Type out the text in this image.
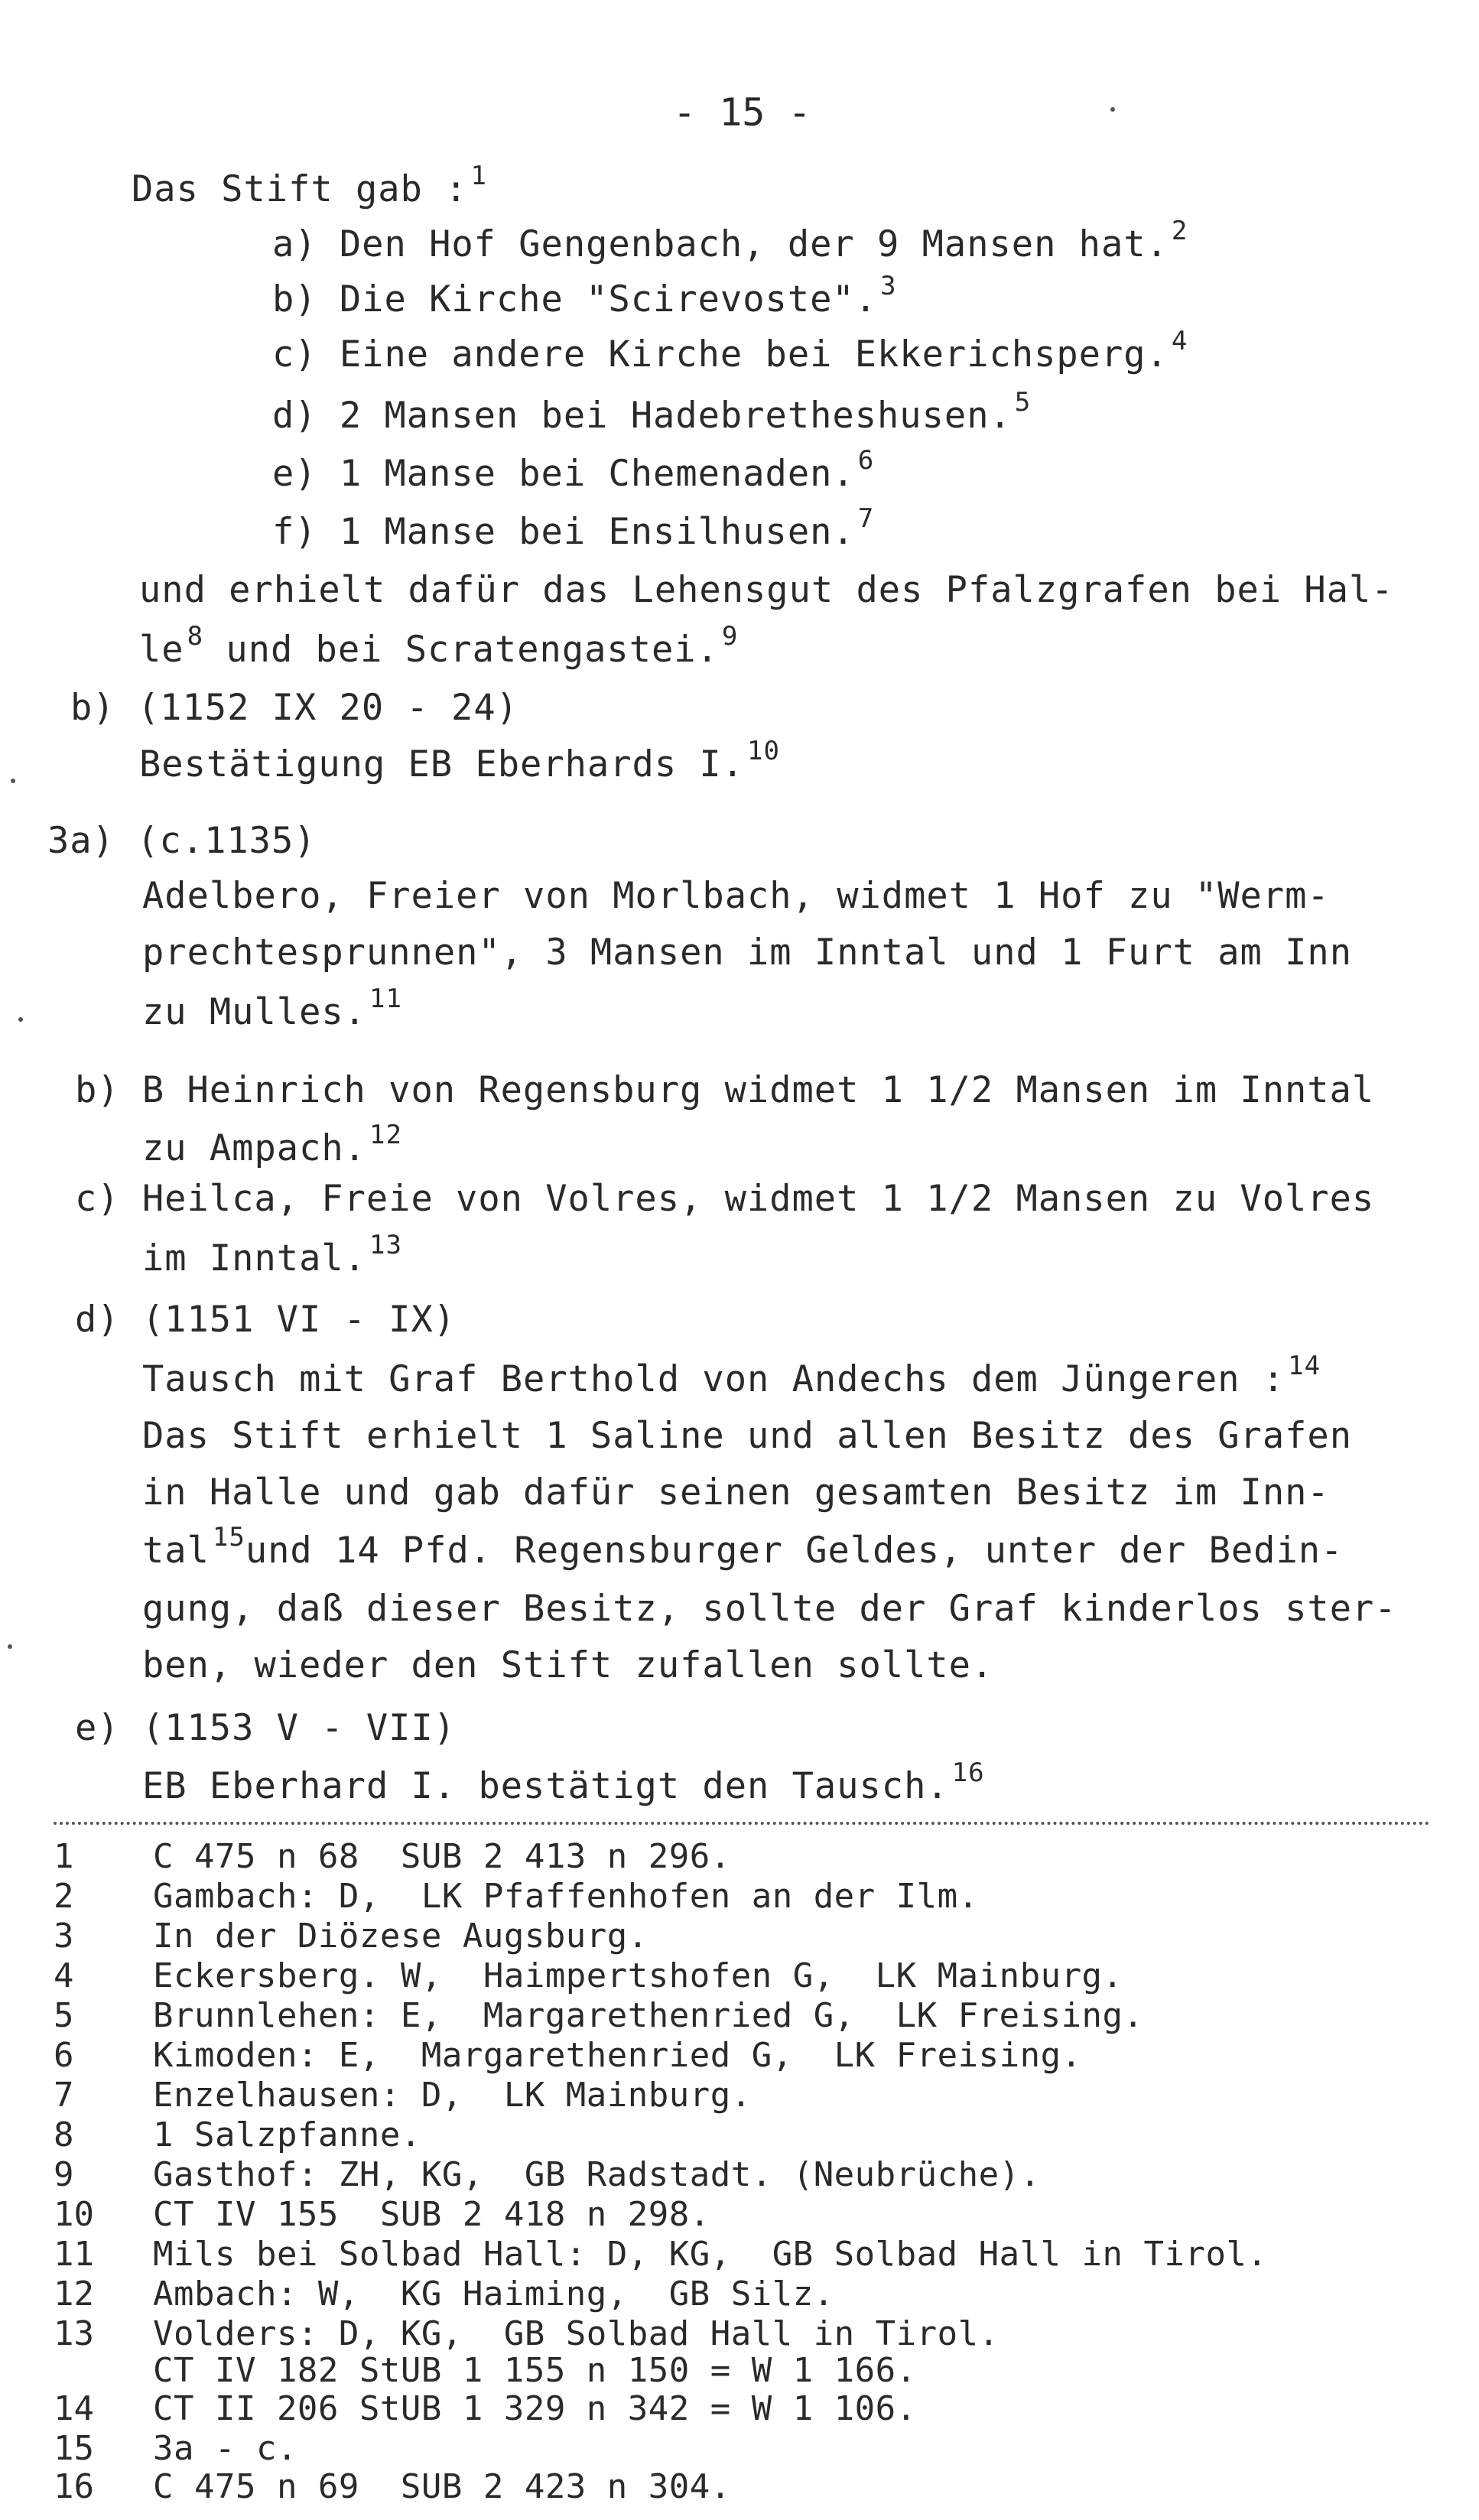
- 15 -
Das Stift gab : $^1$
a) Den Hof Gengenbach, der 9 Mansen hat. $^2$
b) Die Kirche "Scirevoste". $^3$
c) Eine andere Kirche bei Ekkerichsperg. $^4$
d) 2 Mansen bei Hadebretheshusen. $^5$
e) 1 Manse bei Chemenaden. $^6$
f) 1 Manse bei Ensilhusen. $^7$
und erhielt dafür das Lehensgut des Pfalzgrafen bei Hal-
le $^8$ und bei Scratengastei. $^9$
b) (1152 IX 20 - 24)
Bestätigung EB Eberhards I. $^{10}$
3a) (c.1135)
Adelbero, Freier von Morlbach, widmet 1 Hof zu "Werm-
prechtesprunnen", 3 Mansen im Inntal und 1 Furt am Inn
zu Mulles. $^{11}$
b) B Heinrich von Regensburg widmet 1 1/2 Mansen im Inntal
zu Ampach. $^{12}$
c) Heilca, Freie von Volres, widmet 1 1/2 Mansen zu Volres
im Inntal. $^{13}$
d) (1151 VI - IX)
Tausch mit Graf Berthold von Andechs dem Jüngeren : $^{14}$
Das Stift erhielt 1 Saline und allen Besitz des Grafen
in Halle und gab dafür seinen gesamten Besitz im Inn-
tal $^{15}$und 14 Pfd. Regensburger Geldes, unter der Bedin-
gung, daß dieser Besitz, sollte der Graf kinderlos ster-
ben, wieder den Stift zufallen sollte.
e) (1153 V - VII)
EB Eberhard I. bestätigt den Tausch. $^{16}$
1 C 475 n 68  SUB 2 413 n 296.
2 Gambach: D,  LK Pfaffenhofen an der Ilm.
3 In der Diözese Augsburg.
4 Eckersberg. W,  Haimpertshofen G,  LK Mainburg.
5 Brunnlehen: E,  Margarethenried G,  LK Freising.
6 Kimoden: E,  Margarethenried G,  LK Freising.
7 Enzelhausen: D,  LK Mainburg.
8 1 Salzpfanne.
9 Gasthof: ZH, KG,  GB Radstadt. (Neubrüche).
10 CT IV 155  SUB 2 418 n 298.
11 Mils bei Solbad Hall: D, KG,  GB Solbad Hall in Tirol.
12 Ambach: W,  KG Haiming,  GB Silz.
13 Volders: D, KG,  GB Solbad Hall in Tirol.
CT IV 182 StUB 1 155 n 150 = W 1 166.
14 CT II 206 StUB 1 329 n 342 = W 1 106.
15 3a - c.
16 C 475 n 69  SUB 2 423 n 304.
